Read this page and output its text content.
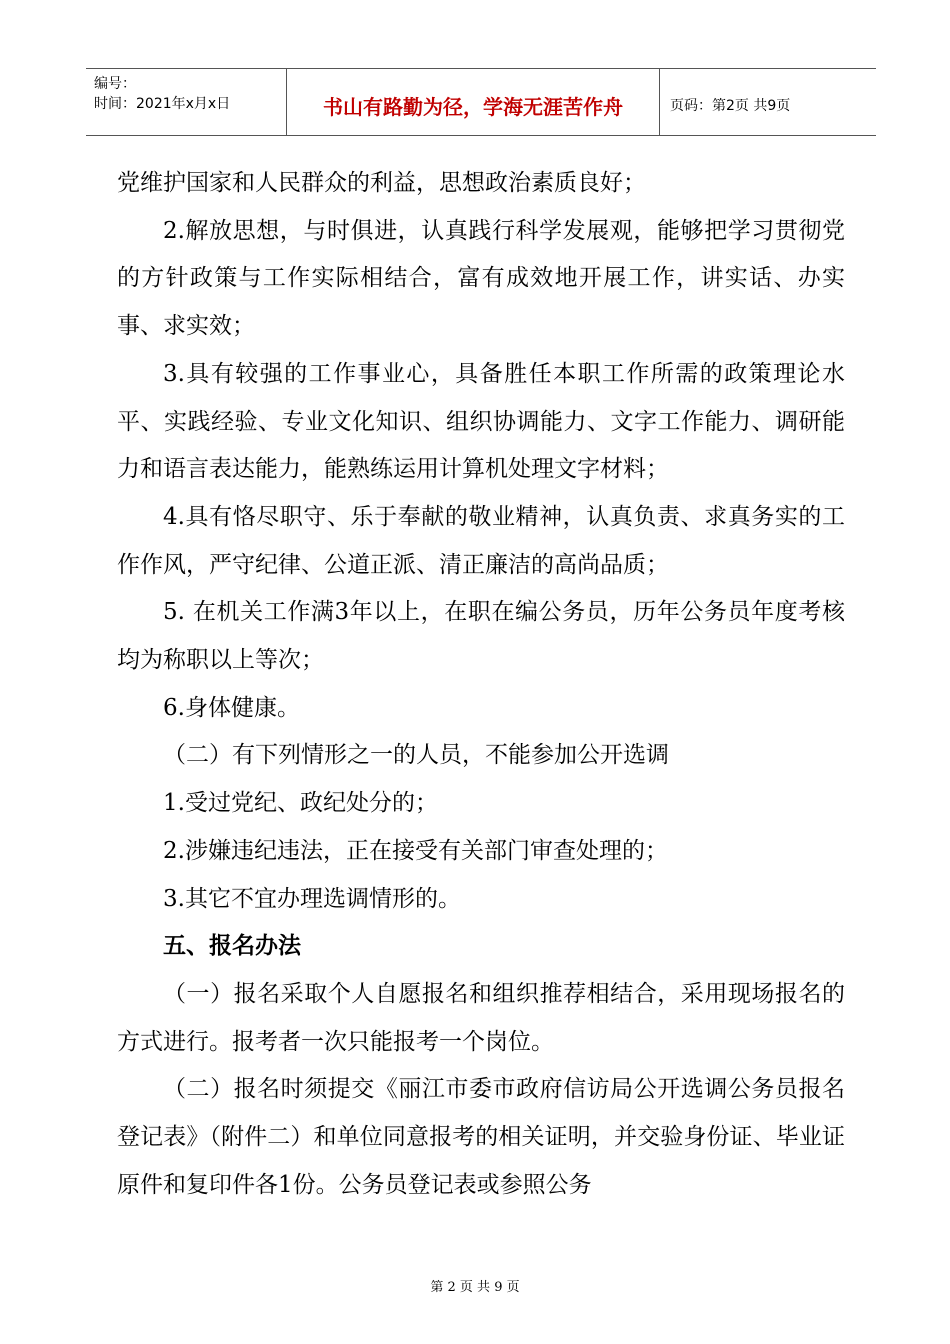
编号：
时间：2021年x月x日	书山有路勤为径，学海无涯苦作舟	页码：第2页 共9页

党维护国家和人民群众的利益，思想政治素质良好；

2.解放思想，与时俱进，认真践行科学发展观，能够把学习贯彻党的方针政策与工作实际相结合，富有成效地开展工作，讲实话、办实事、求实效；

3.具有较强的工作事业心，具备胜任本职工作所需的政策理论水平、实践经验、专业文化知识、组织协调能力、文字工作能力、调研能力和语言表达能力，能熟练运用计算机处理文字材料；

4.具有恪尽职守、乐于奉献的敬业精神，认真负责、求真务实的工作作风，严守纪律、公道正派、清正廉洁的高尚品质；

5. 在机关工作满3年以上，在职在编公务员，历年公务员年度考核均为称职以上等次；

6.身体健康。

（二）有下列情形之一的人员，不能参加公开选调

1.受过党纪、政纪处分的；

2.涉嫌违纪违法，正在接受有关部门审查处理的；

3.其它不宜办理选调情形的。

五、报名办法

（一）报名采取个人自愿报名和组织推荐相结合，采用现场报名的方式进行。报考者一次只能报考一个岗位。

（二）报名时须提交《丽江市委市政府信访局公开选调公务员报名登记表》（附件二）和单位同意报考的相关证明，并交验身份证、毕业证原件和复印件各1份。公务员登记表或参照公务

第 2 页 共 9 页
